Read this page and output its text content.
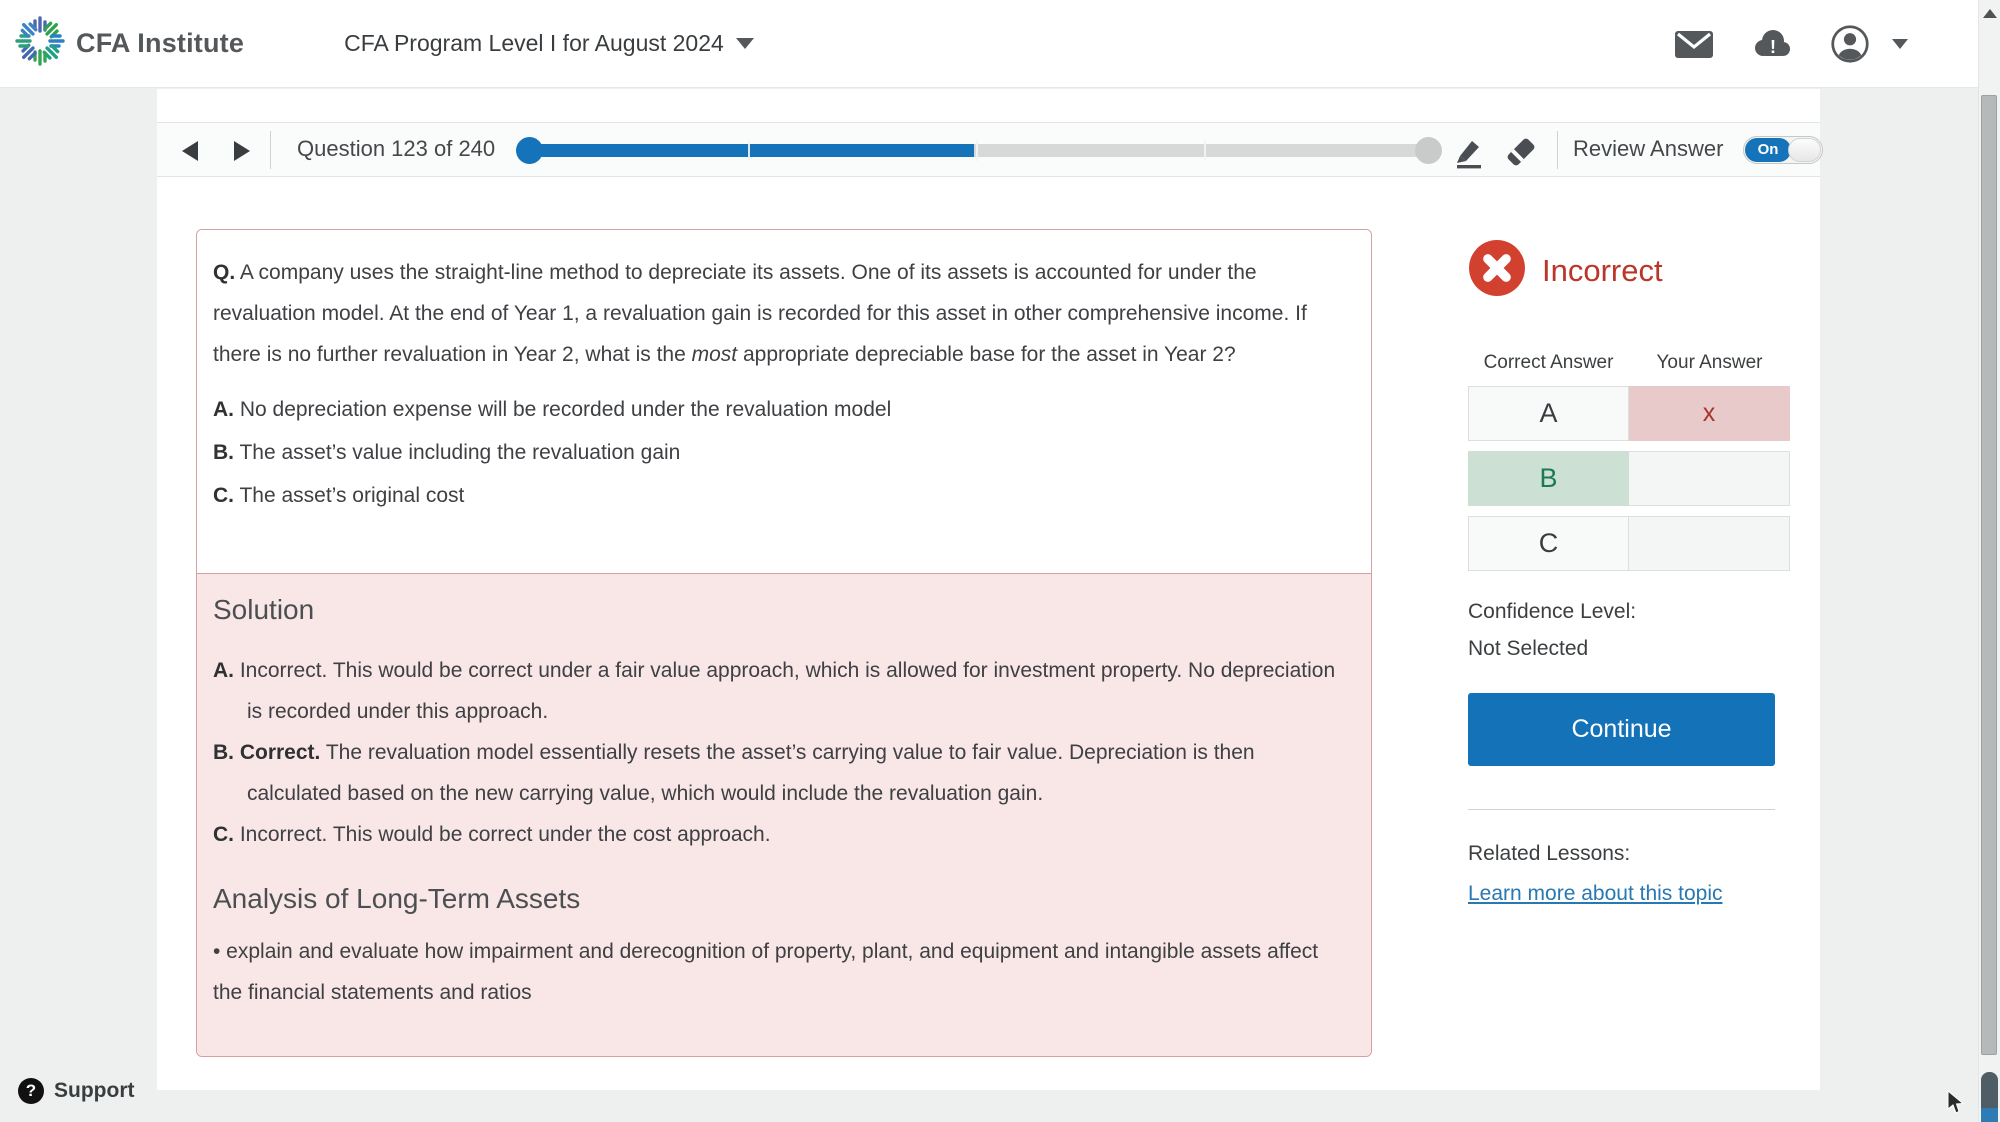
CFA Institute	CFA Program Level I for August 2024	!
Question 123 of 240	Review Answer	On

Q. A company uses the straight-line method to depreciate its assets. One of its assets is accounted for under the revaluation model. At the end of Year 1, a revaluation gain is recorded for this asset in other comprehensive income. If there is no further revaluation in Year 2, what is the most appropriate depreciable base for the asset in Year 2?

A. No depreciation expense will be recorded under the revaluation model
B. The asset’s value including the revaluation gain
C. The asset’s original cost
Solution
A. Incorrect. This would be correct under a fair value approach, which is allowed for investment property. No depreciation is recorded under this approach.
B. Correct. The revaluation model essentially resets the asset’s carrying value to fair value. Depreciation is then calculated based on the new carrying value, which would include the revaluation gain.
C. Incorrect. This would be correct under the cost approach.
Analysis of Long-Term Assets

• explain and evaluate how impairment and derecognition of property, plant, and equipment and intangible assets affect the financial statements and ratios

Incorrect
Correct Answer	Your Answer
A	x
B
C
Confidence Level:
Not Selected
Continue
Related Lessons:
Learn more about this topic
? Support
